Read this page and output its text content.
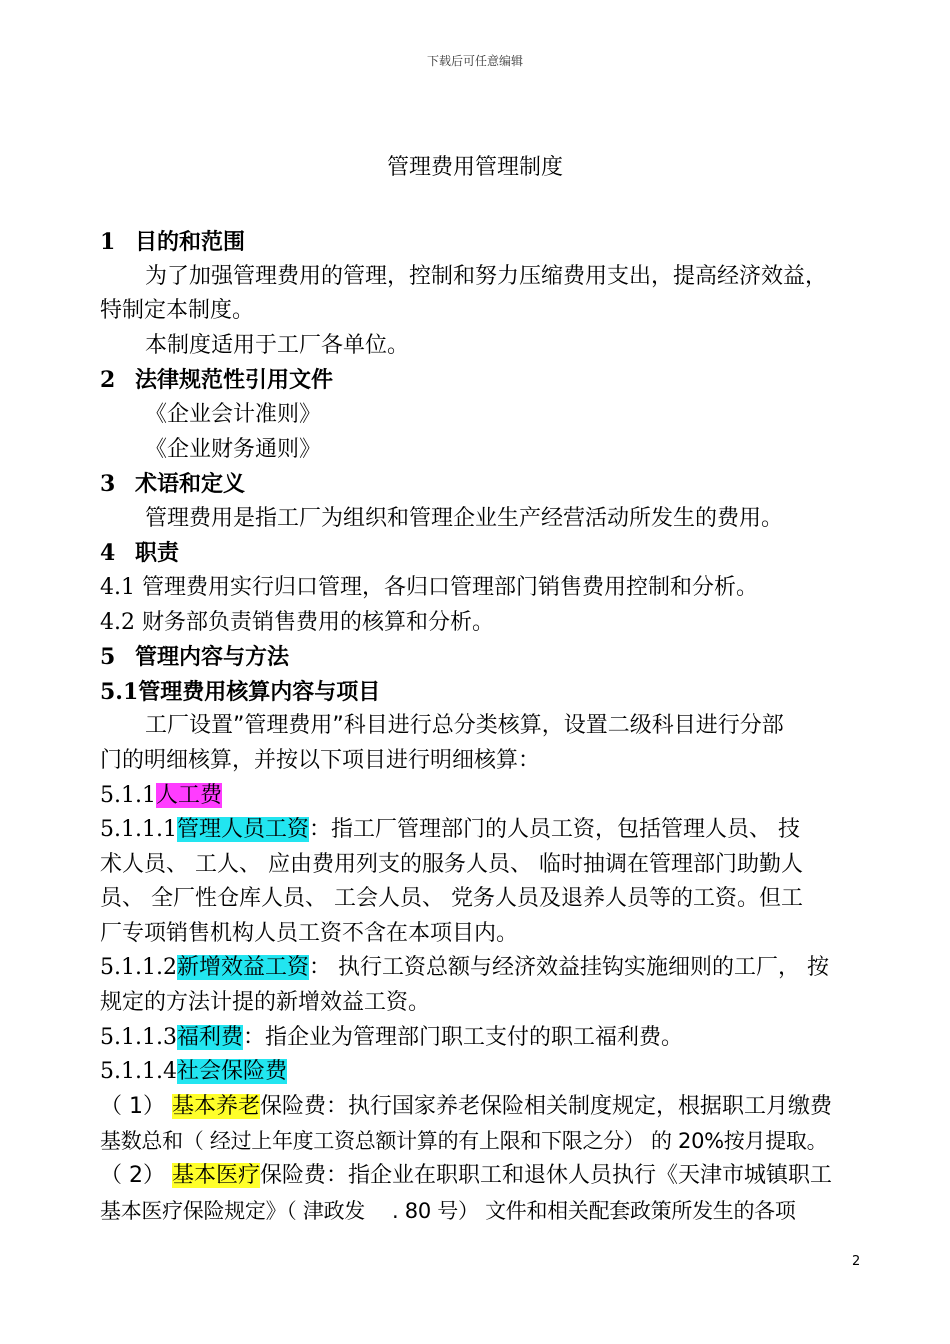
下载后可任意编辑
管理费用管理制度
1 目的和范围
为了加强管理费用的管理，控制和努力压缩费用支出，提高经济效益，
特制定本制度。
本制度适用于工厂各单位。
2 法律规范性引用文件
《企业会计准则》
《企业财务通则》
3 术语和定义
管理费用是指工厂为组织和管理企业生产经营活动所发生的费用。
4 职责
4.1 管理费用实行归口管理，各归口管理部门销售费用控制和分析。
4.2 财务部负责销售费用的核算和分析。
5 管理内容与方法
5.1管理费用核算内容与项目
工厂设置”管理费用”科目进行总分类核算，设置二级科目进行分部
门的明细核算，并按以下项目进行明细核算：
5.1.1人工费
5.1.1.1管理人员工资：指工厂管理部门的人员工资，包括管理人员、 技
术人员、 工人、 应由费用列支的服务人员、 临时抽调在管理部门助勤人
员、 全厂性仓库人员、 工会人员、 党务人员及退养人员等的工资。但工
厂专项销售机构人员工资不含在本项目内。
5.1.1.2新增效益工资： 执行工资总额与经济效益挂钩实施细则的工厂， 按
规定的方法计提的新增效益工资。
5.1.1.3福利费：指企业为管理部门职工支付的职工福利费。
5.1.1.4社会保险费
（ 1） 基本养老保险费：执行国家养老保险相关制度规定，根据职工月缴费
基数总和（ 经过上年度工资总额计算的有上限和下限之分） 的 20%按月提取。
（ 2） 基本医疗保险费：指企业在职职工和退休人员执行《天津市城镇职工
基本医疗保险规定》（ 津政发 　. 80 号） 文件和相关配套政策所发生的各项
2
